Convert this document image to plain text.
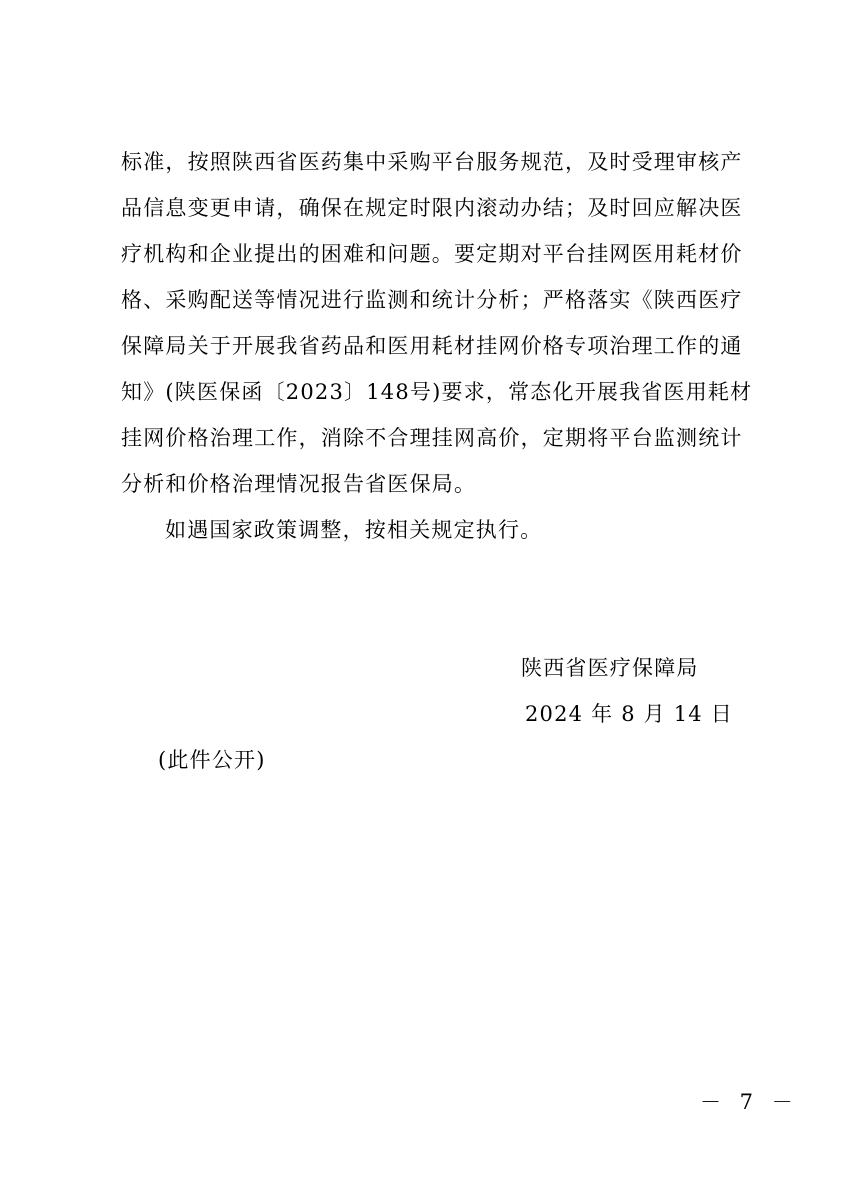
标准，按照陕西省医药集中采购平台服务规范，及时受理审核产
品信息变更申请，确保在规定时限内滚动办结；及时回应解决医
疗机构和企业提出的困难和问题。要定期对平台挂网医用耗材价
格、采购配送等情况进行监测和统计分析；严格落实《陕西医疗
保障局关于开展我省药品和医用耗材挂网价格专项治理工作的通
知》(陕医保函〔2023〕148号)要求，常态化开展我省医用耗材
挂网价格治理工作，消除不合理挂网高价，定期将平台监测统计
分析和价格治理情况报告省医保局。
如遇国家政策调整，按相关规定执行。
陕西省医疗保障局
2024 年 8 月 14 日
(此件公开)
－ 7 －
